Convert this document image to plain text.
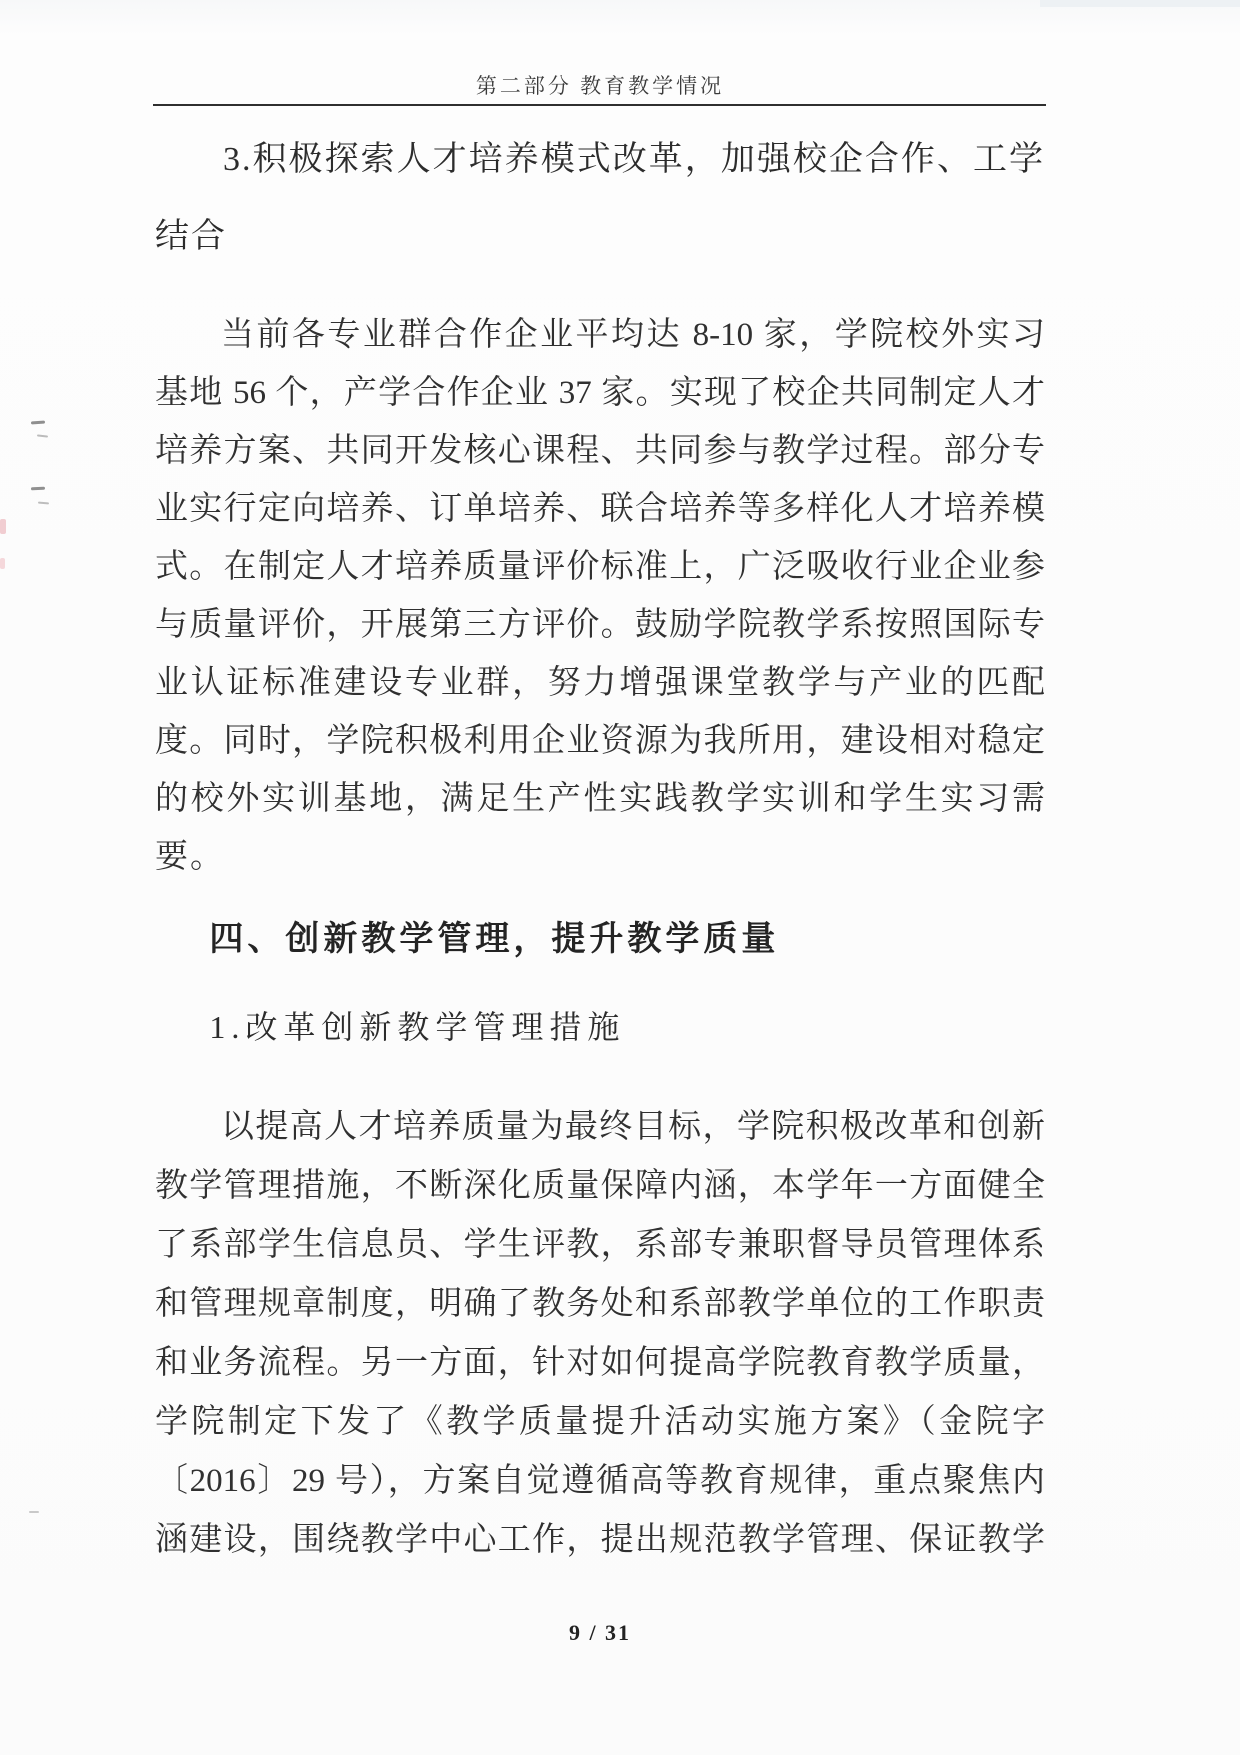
第二部分 教育教学情况
3.积极探索人才培养模式改革，加强校企合作、工学
结合
当前各专业群合作企业平均达 8-10 家，学院校外实习
基地 56 个，产学合作企业 37 家。实现了校企共同制定人才
培养方案、共同开发核心课程、共同参与教学过程。部分专
业实行定向培养、订单培养、联合培养等多样化人才培养模
式。在制定人才培养质量评价标准上，广泛吸收行业企业参
与质量评价，开展第三方评价。鼓励学院教学系按照国际专
业认证标准建设专业群，努力增强课堂教学与产业的匹配
度。同时，学院积极利用企业资源为我所用，建设相对稳定
的校外实训基地，满足生产性实践教学实训和学生实习需
要。
四、创新教学管理，提升教学质量
1.改革创新教学管理措施
以提高人才培养质量为最终目标，学院积极改革和创新
教学管理措施，不断深化质量保障内涵，本学年一方面健全
了系部学生信息员、学生评教，系部专兼职督导员管理体系
和管理规章制度，明确了教务处和系部教学单位的工作职责
和业务流程。另一方面，针对如何提高学院教育教学质量，
学院制定下发了《教学质量提升活动实施方案》（金院字
〔2016〕29 号），方案自觉遵循高等教育规律，重点聚焦内
涵建设，围绕教学中心工作，提出规范教学管理、保证教学
9 / 31
